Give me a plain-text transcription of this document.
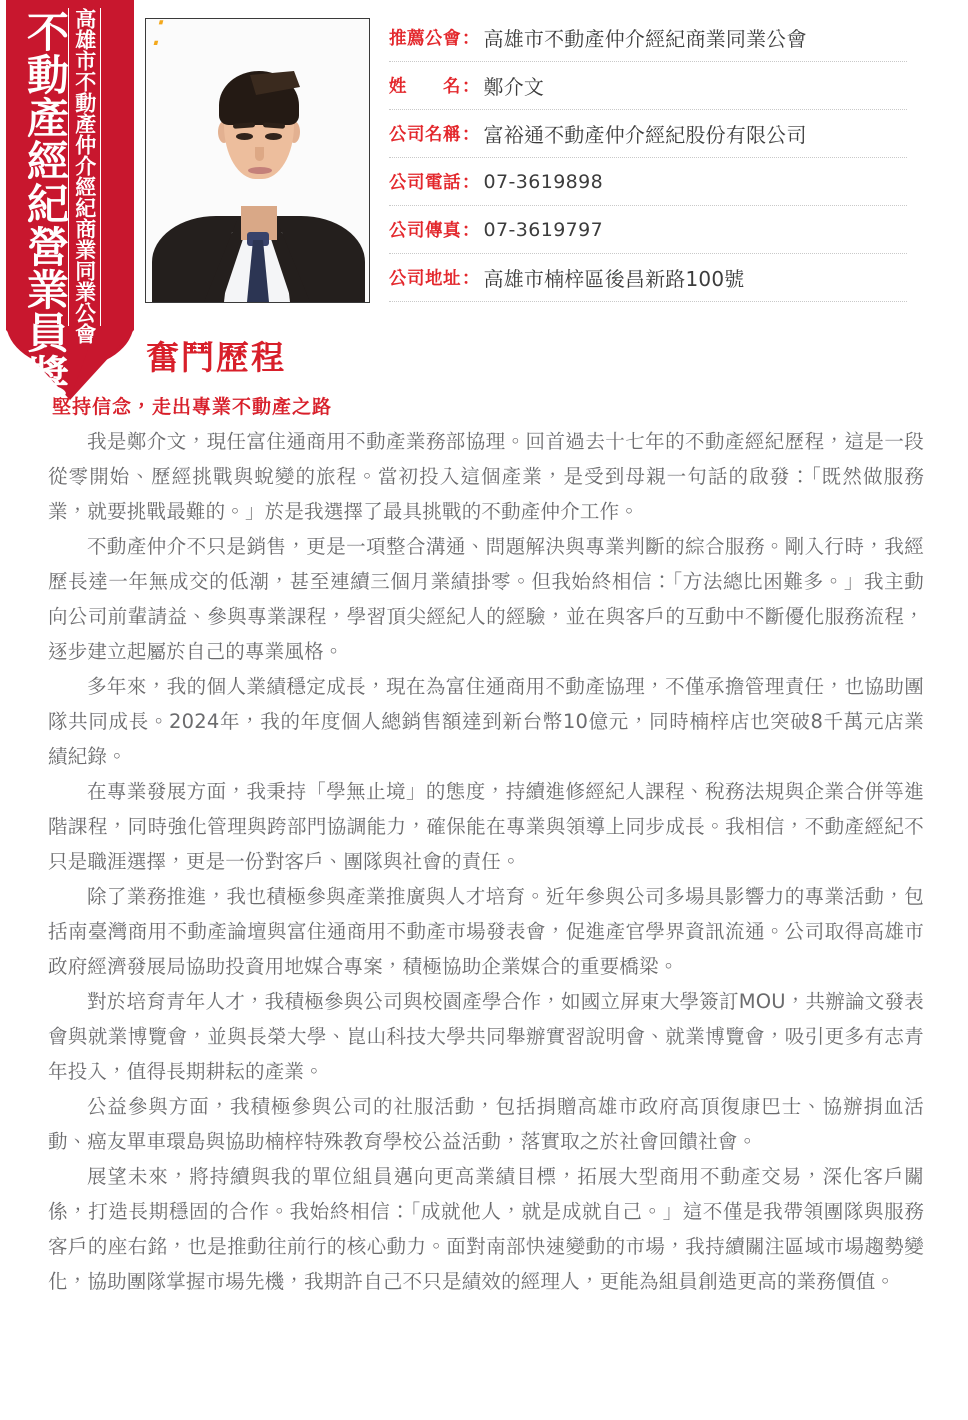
不動產經紀營業員獎 高雄市不動產仲介經紀商業同業公會 ⁚	推薦公會 ： 高雄市不動產仲介經紀商業同業公會
姓　　名 ： 鄭介文
公司名稱 ： 富裕通不動產仲介經紀股份有限公司
公司電話 ： 07-3619898
公司傳真 ： 07-3619797
公司地址 ： 高雄市楠梓區後昌新路100號
奮鬥歷程
堅持信念，走出專業不動產之路

我是鄭介文，現任富住通商用不動產業務部協理。回首過去十七年的不動產經紀歷程，這是一段從零開始、歷經挑戰與蛻變的旅程。當初投入這個產業，是受到母親一句話的啟發：「既然做服務業，就要挑戰最難的。」於是我選擇了最具挑戰的不動產仲介工作。

不動產仲介不只是銷售，更是一項整合溝通、問題解決與專業判斷的綜合服務。剛入行時，我經歷長達一年無成交的低潮，甚至連續三個月業績掛零。但我始終相信：「方法總比困難多。」我主動向公司前輩請益、參與專業課程，學習頂尖經紀人的經驗，並在與客戶的互動中不斷優化服務流程，逐步建立起屬於自己的專業風格。

多年來，我的個人業績穩定成長，現在為富住通商用不動產協理，不僅承擔管理責任，也協助團隊共同成長。2024年，我的年度個人總銷售額達到新台幣10億元，同時楠梓店也突破8千萬元店業績紀錄。

在專業發展方面，我秉持「學無止境」的態度，持續進修經紀人課程、稅務法規與企業合併等進階課程，同時強化管理與跨部門協調能力，確保能在專業與領導上同步成長。我相信，不動產經紀不只是職涯選擇，更是一份對客戶、團隊與社會的責任。

除了業務推進，我也積極參與產業推廣與人才培育。近年參與公司多場具影響力的專業活動，包括南臺灣商用不動產論壇與富住通商用不動產市場發表會，促進產官學界資訊流通。公司取得高雄市政府經濟發展局協助投資用地媒合專案，積極協助企業媒合的重要橋梁。

對於培育青年人才，我積極參與公司與校園產學合作，如國立屏東大學簽訂MOU，共辦論文發表會與就業博覽會，並與長榮大學、崑山科技大學共同舉辦實習說明會、就業博覽會，吸引更多有志青年投入，值得長期耕耘的產業。

公益參與方面，我積極參與公司的社服活動，包括捐贈高雄市政府高頂復康巴士、協辦捐血活動、癌友單車環島與協助楠梓特殊教育學校公益活動，落實取之於社會回饋社會。

展望未來，將持續與我的單位組員邁向更高業績目標，拓展大型商用不動產交易，深化客戶關係，打造長期穩固的合作。我始終相信：「成就他人，就是成就自己。」這不僅是我帶領團隊與服務客戶的座右銘，也是推動往前行的核心動力。面對南部快速變動的市場，我持續關注區域市場趨勢變化，協助團隊掌握市場先機，我期許自己不只是績效的經理人，更能為組員創造更高的業務價值。
